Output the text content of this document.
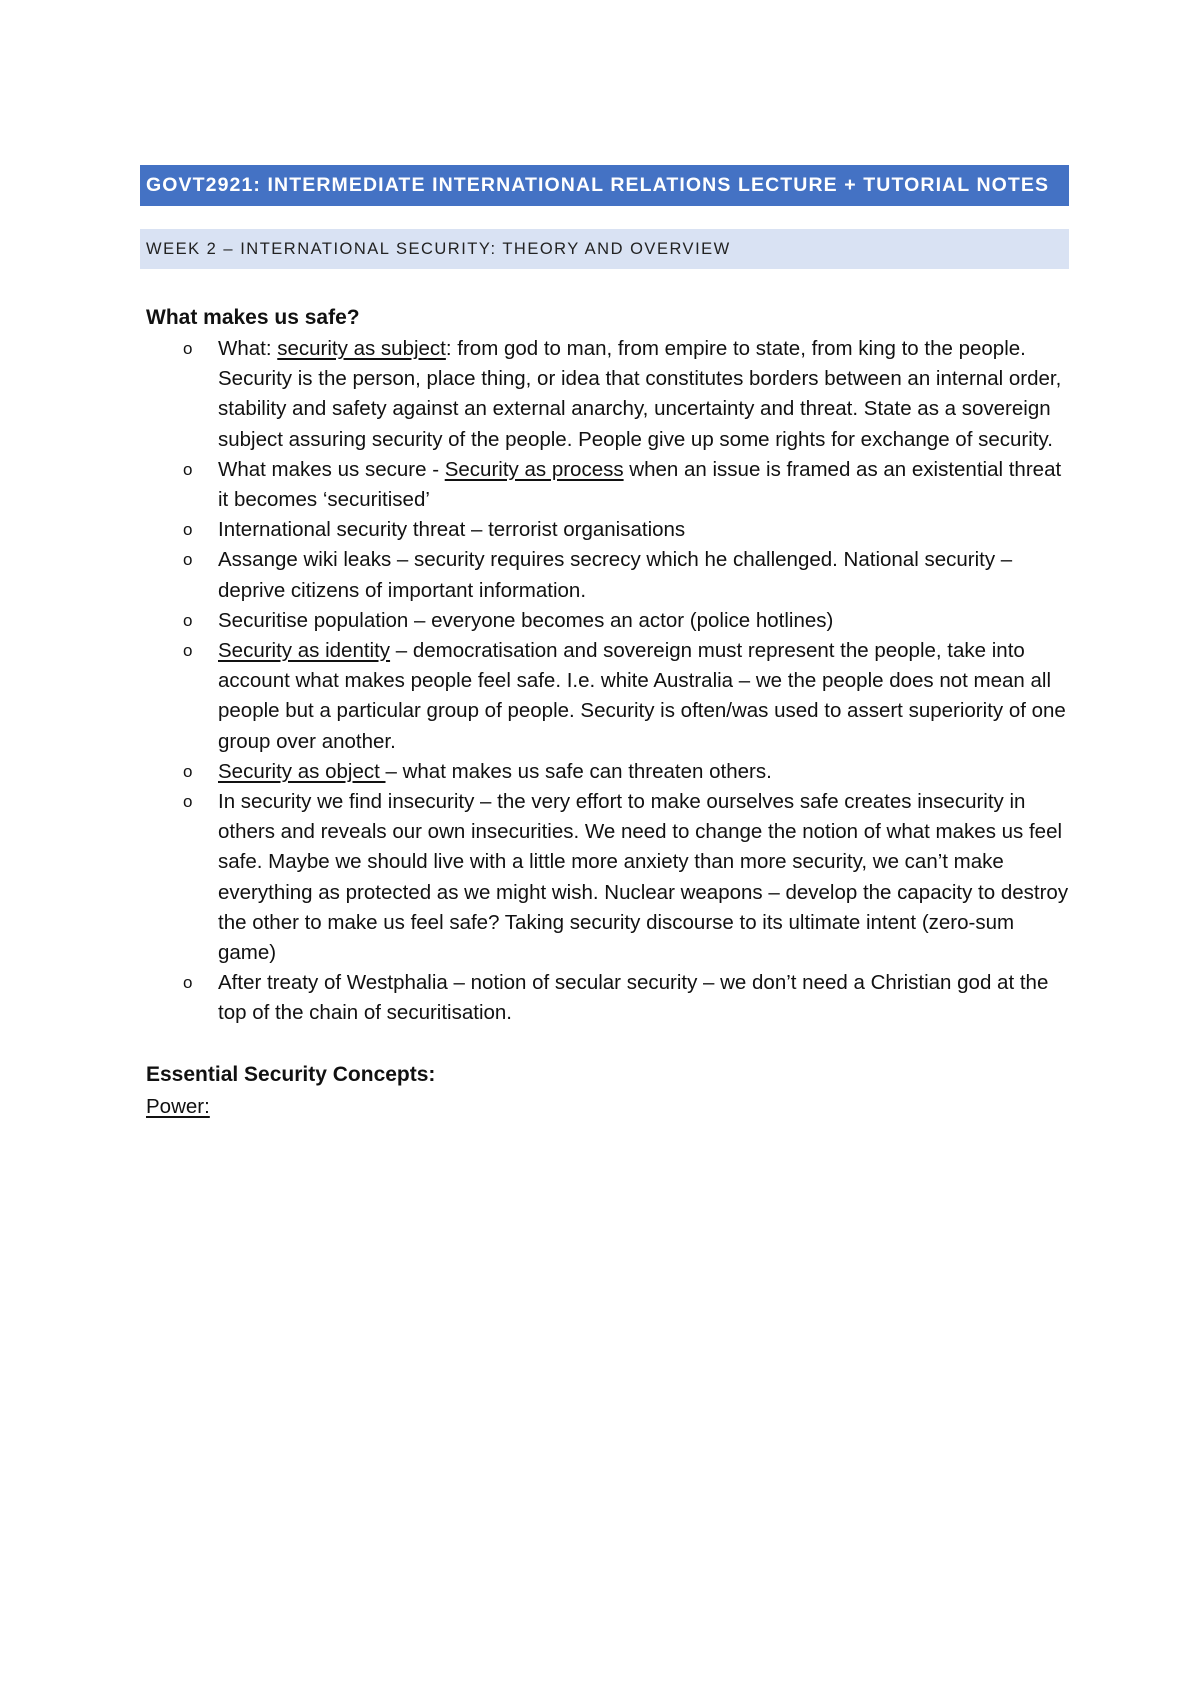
GOVT2921: INTERMEDIATE INTERNATIONAL RELATIONS LECTURE + TUTORIAL NOTES
WEEK 2 – INTERNATIONAL SECURITY: THEORY AND OVERVIEW

What makes us safe?

o What: security as subject: from god to man, from empire to state, from king to the people. Security is the person, place thing, or idea that constitutes borders between an internal order, stability and safety against an external anarchy, uncertainty and threat. State as a sovereign subject assuring security of the people. People give up some rights for exchange of security.
o What makes us secure - Security as process when an issue is framed as an existential threat it becomes ‘securitised’
o International security threat – terrorist organisations
o Assange wiki leaks – security requires secrecy which he challenged. National security – deprive citizens of important information.
o Securitise population – everyone becomes an actor (police hotlines)
o Security as identity – democratisation and sovereign must represent the people, take into account what makes people feel safe. I.e. white Australia – we the people does not mean all people but a particular group of people. Security is often/was used to assert superiority of one group over another.
o Security as object – what makes us safe can threaten others.
o In security we find insecurity – the very effort to make ourselves safe creates insecurity in others and reveals our own insecurities. We need to change the notion of what makes us feel safe. Maybe we should live with a little more anxiety than more security, we can’t make everything as protected as we might wish. Nuclear weapons – develop the capacity to destroy the other to make us feel safe? Taking security discourse to its ultimate intent (zero-sum game)
o After treaty of Westphalia – notion of secular security – we don’t need a Christian god at the top of the chain of securitisation.

Essential Security Concepts:

Power:
